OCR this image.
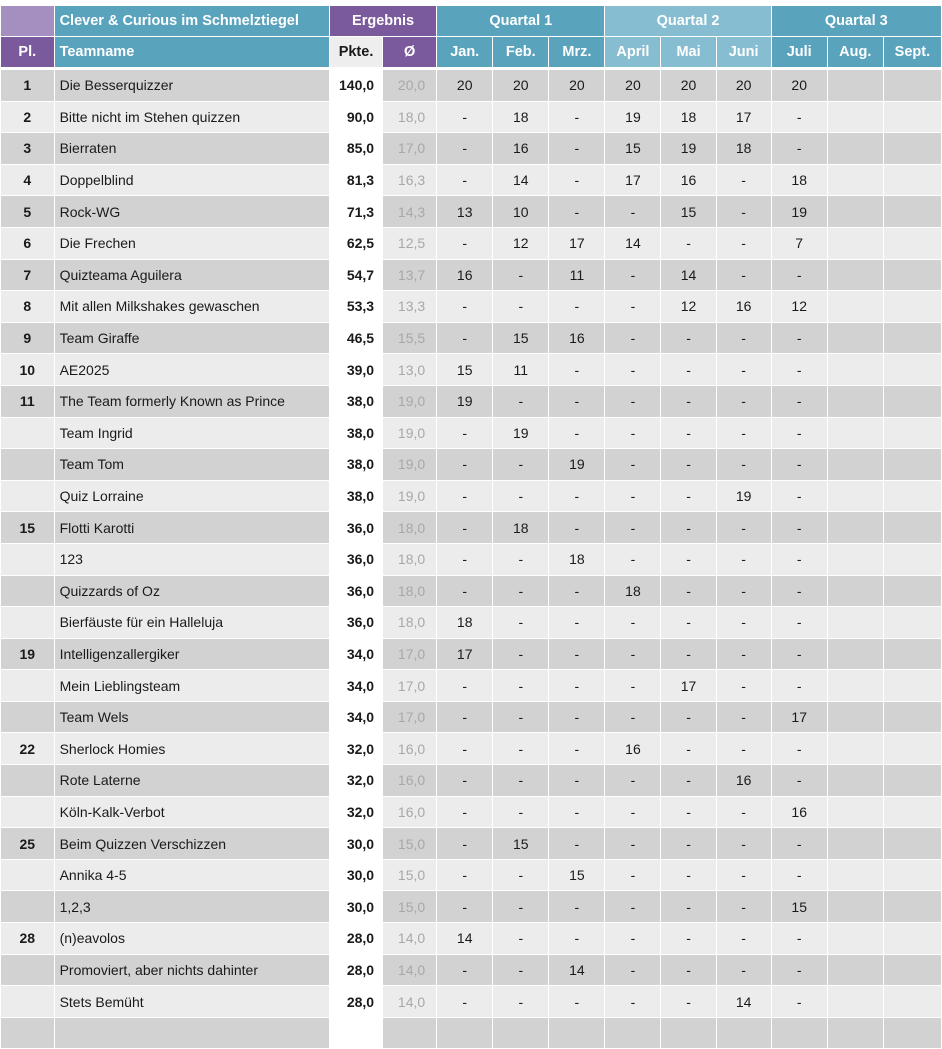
	Clever & Curious im Schmelztiegel	Ergebnis		Quartal 1			Quartal 2			Quartal 3		
Pl.	Teamname	Pkte.	Ø	Jan.	Feb.	Mrz.	April	Mai	Juni	Juli	Aug.	Sept.
1	Die Besserquizzer	140,0	20,0	20	20	20	20	20	20	20		
2	Bitte nicht im Stehen quizzen	90,0	18,0	-	18	-	19	18	17	-		
3	Bierraten	85,0	17,0	-	16	-	15	19	18	-		
4	Doppelblind	81,3	16,3	-	14	-	17	16	-	18		
5	Rock-WG	71,3	14,3	13	10	-	-	15	-	19		
6	Die Frechen	62,5	12,5	-	12	17	14	-	-	7		
7	Quizteama Aguilera	54,7	13,7	16	-	11	-	14	-	-		
8	Mit allen Milkshakes gewaschen	53,3	13,3	-	-	-	-	12	16	12		
9	Team Giraffe	46,5	15,5	-	15	16	-	-	-	-		
10	AE2025	39,0	13,0	15	11	-	-	-	-	-		
11	The Team formerly Known as Prince	38,0	19,0	19	-	-	-	-	-	-		
	Team Ingrid	38,0	19,0	-	19	-	-	-	-	-		
	Team Tom	38,0	19,0	-	-	19	-	-	-	-		
	Quiz Lorraine	38,0	19,0	-	-	-	-	-	19	-		
15	Flotti Karotti	36,0	18,0	-	18	-	-	-	-	-		
	123	36,0	18,0	-	-	18	-	-	-	-		
	Quizzards of Oz	36,0	18,0	-	-	-	18	-	-	-		
	Bierfäuste für ein Halleluja	36,0	18,0	18	-	-	-	-	-	-		
19	Intelligenzallergiker	34,0	17,0	17	-	-	-	-	-	-		
	Mein Lieblingsteam	34,0	17,0	-	-	-	-	17	-	-		
	Team Wels	34,0	17,0	-	-	-	-	-	-	17		
22	Sherlock Homies	32,0	16,0	-	-	-	16	-	-	-		
	Rote Laterne	32,0	16,0	-	-	-	-	-	16	-		
	Köln-Kalk-Verbot	32,0	16,0	-	-	-	-	-	-	16		
25	Beim Quizzen Verschizzen	30,0	15,0	-	15	-	-	-	-	-		
	Annika 4-5	30,0	15,0	-	-	15	-	-	-	-		
	1,2,3	30,0	15,0	-	-	-	-	-	-	15		
28	(n)eavolos	28,0	14,0	14	-	-	-	-	-	-		
	Promoviert, aber nichts dahinter	28,0	14,0	-	-	14	-	-	-	-		
	Stets Bemüht	28,0	14,0	-	-	-	-	-	14	-		
